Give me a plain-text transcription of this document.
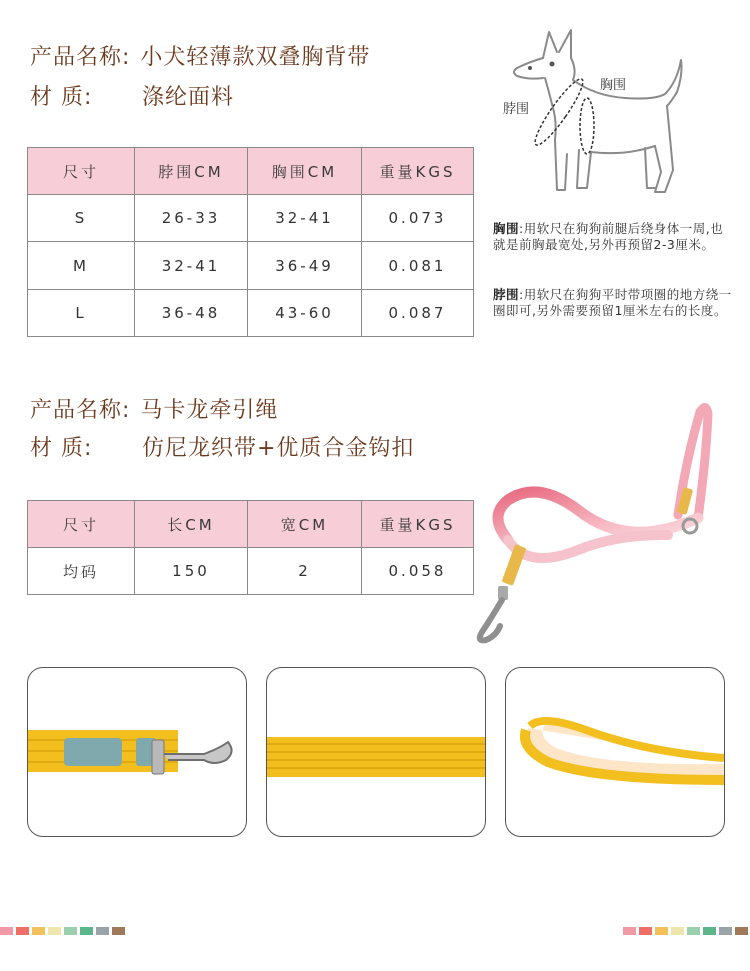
产品名称: 小犬轻薄款双叠胸背带
材 质: 涤纶面料
尺寸	脖围CM	胸围CM	重量KGS
S	26-33	32-41	0.073
M	32-41	36-49	0.081
L	36-48	43-60	0.087
胸围
脖围
胸围:用软尺在狗狗前腿后绕身体一周,也就是前胸最宽处,另外再预留2-3厘米。
脖围:用软尺在狗狗平时带项圈的地方绕一圈即可,另外需要预留1厘米左右的长度。
产品名称: 马卡龙牵引绳
材 质: 仿尼龙织带+优质合金钩扣
尺寸	长CM	宽CM	重量KGS
均码	150	2	0.058
